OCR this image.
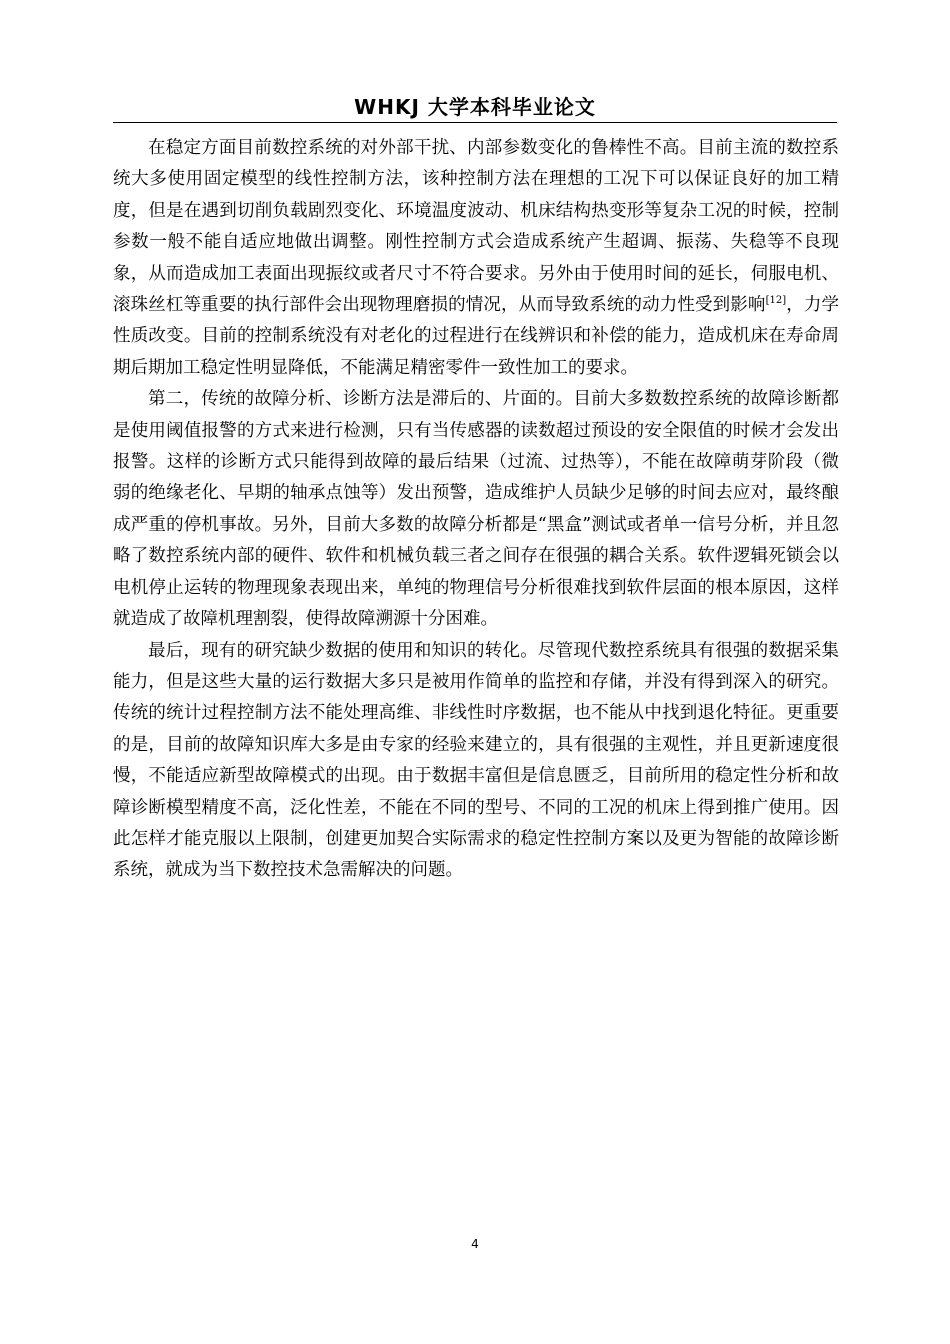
WHKJ 大学本科毕业论文

在稳定方面目前数控系统的对外部干扰、内部参数变化的鲁棒性不高。目前主流的数控系统大多使用固定模型的线性控制方法，该种控制方法在理想的工况下可以保证良好的加工精度，但是在遇到切削负载剧烈变化、环境温度波动、机床结构热变形等复杂工况的时候，控制参数一般不能自适应地做出调整。刚性控制方式会造成系统产生超调、振荡、失稳等不良现象，从而造成加工表面出现振纹或者尺寸不符合要求。另外由于使用时间的延长，伺服电机、滚珠丝杠等重要的执行部件会出现物理磨损的情况，从而导致系统的动力性受到影响[12]，力学性质改变。目前的控制系统没有对老化的过程进行在线辨识和补偿的能力，造成机床在寿命周期后期加工稳定性明显降低，不能满足精密零件一致性加工的要求。

第二，传统的故障分析、诊断方法是滞后的、片面的。目前大多数数控系统的故障诊断都是使用阈值报警的方式来进行检测，只有当传感器的读数超过预设的安全限值的时候才会发出报警。这样的诊断方式只能得到故障的最后结果（过流、过热等），不能在故障萌芽阶段（微弱的绝缘老化、早期的轴承点蚀等）发出预警，造成维护人员缺少足够的时间去应对，最终酿成严重的停机事故。另外，目前大多数的故障分析都是“黑盒”测试或者单一信号分析，并且忽略了数控系统内部的硬件、软件和机械负载三者之间存在很强的耦合关系。软件逻辑死锁会以电机停止运转的物理现象表现出来，单纯的物理信号分析很难找到软件层面的根本原因，这样就造成了故障机理割裂，使得故障溯源十分困难。

最后，现有的研究缺少数据的使用和知识的转化。尽管现代数控系统具有很强的数据采集能力，但是这些大量的运行数据大多只是被用作简单的监控和存储，并没有得到深入的研究。传统的统计过程控制方法不能处理高维、非线性时序数据，也不能从中找到退化特征。更重要的是，目前的故障知识库大多是由专家的经验来建立的，具有很强的主观性，并且更新速度很慢，不能适应新型故障模式的出现。由于数据丰富但是信息匮乏，目前所用的稳定性分析和故障诊断模型精度不高，泛化性差，不能在不同的型号、不同的工况的机床上得到推广使用。因此怎样才能克服以上限制，创建更加契合实际需求的稳定性控制方案以及更为智能的故障诊断系统，就成为当下数控技术急需解决的问题。

4
